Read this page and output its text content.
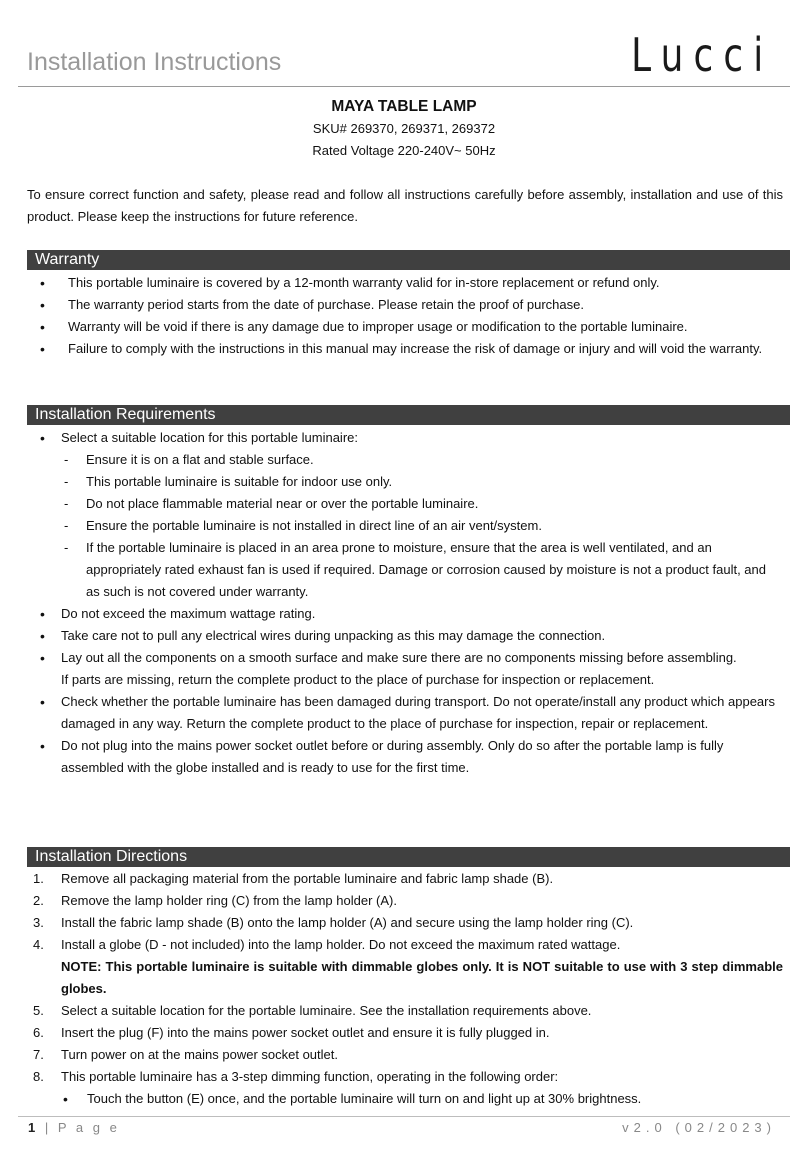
Installation Instructions	Lucci
MAYA TABLE LAMP
SKU# 269370, 269371, 269372
Rated Voltage 220-240V~ 50Hz
To ensure correct function and safety, please read and follow all instructions carefully before assembly, installation and use of this product. Please keep the instructions for future reference.
Warranty
• This portable luminaire is covered by a 12-month warranty valid for in-store replacement or refund only.
• The warranty period starts from the date of purchase. Please retain the proof of purchase.
• Warranty will be void if there is any damage due to improper usage or modification to the portable luminaire.
• Failure to comply with the instructions in this manual may increase the risk of damage or injury and will void the warranty.
Installation Requirements
• Select a suitable location for this portable luminaire:
- Ensure it is on a flat and stable surface.
- This portable luminaire is suitable for indoor use only.
- Do not place flammable material near or over the portable luminaire.
- Ensure the portable luminaire is not installed in direct line of an air vent/system.
- If the portable luminaire is placed in an area prone to moisture, ensure that the area is well ventilated, and an appropriately rated exhaust fan is used if required. Damage or corrosion caused by moisture is not a product fault, and as such is not covered under warranty.
• Do not exceed the maximum wattage rating.
• Take care not to pull any electrical wires during unpacking as this may damage the connection.
• Lay out all the components on a smooth surface and make sure there are no components missing before assembling.
If parts are missing, return the complete product to the place of purchase for inspection or replacement.
• Check whether the portable luminaire has been damaged during transport. Do not operate/install any product which appears damaged in any way. Return the complete product to the place of purchase for inspection, repair or replacement.
• Do not plug into the mains power socket outlet before or during assembly. Only do so after the portable lamp is fully assembled with the globe installed and is ready to use for the first time.
Installation Directions
1. Remove all packaging material from the portable luminaire and fabric lamp shade (B).
2. Remove the lamp holder ring (C) from the lamp holder (A).
3. Install the fabric lamp shade (B) onto the lamp holder (A) and secure using the lamp holder ring (C).
4. Install a globe (D - not included) into the lamp holder. Do not exceed the maximum rated wattage.
NOTE: This portable luminaire is suitable with dimmable globes only. It is NOT suitable to use with 3 step dimmable globes.
5. Select a suitable location for the portable luminaire. See the installation requirements above.
6. Insert the plug (F) into the mains power socket outlet and ensure it is fully plugged in.
7. Turn power on at the mains power socket outlet.
8. This portable luminaire has a 3-step dimming function, operating in the following order:
• Touch the button (E) once, and the portable luminaire will turn on and light up at 30% brightness.
1 | P a g e	v2.0 (02/2023)
